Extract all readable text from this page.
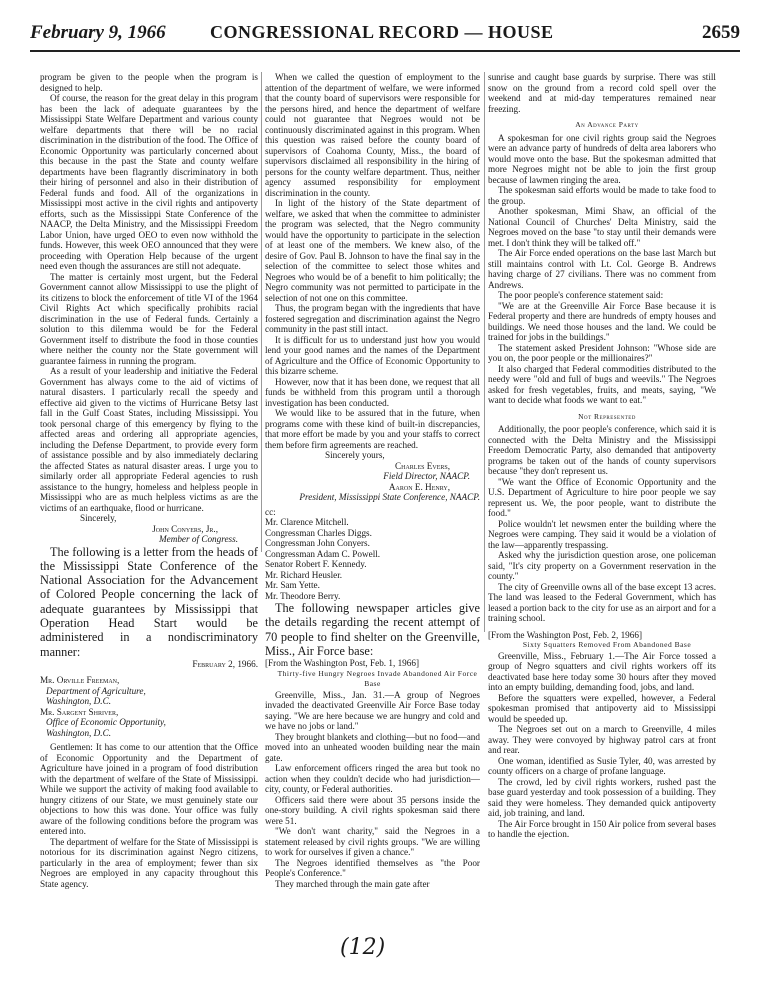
February 9, 1966 CONGRESSIONAL RECORD — HOUSE	2659

program be given to the people when the program is designed to help.

Of course, the reason for the great delay in this program has been the lack of adequate guarantees by the Mississippi State Welfare Department and various county welfare departments that there will be no racial discrimination in the distribution of the food. The Office of Economic Opportunity was particularly concerned about this because in the past the State and county welfare departments have been flagrantly discriminatory in both their hiring of personnel and also in their distribution of Federal funds and food. All of the organizations in Mississippi most active in the civil rights and antipoverty efforts, such as the Mississippi State Conference of the NAACP, the Delta Ministry, and the Mississippi Freedom Labor Union, have urged OEO to even now withhold the funds. However, this week OEO announced that they were proceeding with Operation Help because of the urgent need even though the assurances are still not adequate.

The matter is certainly most urgent, but the Federal Government cannot allow Mississippi to use the plight of its citizens to block the enforcement of title VI of the 1964 Civil Rights Act which specifically prohibits racial discrimination in the use of Federal funds. Certainly a solution to this dilemma would be for the Federal Government itself to distribute the food in those counties where neither the county nor the State government will guarantee fairness in running the program.

As a result of your leadership and initiative the Federal Government has always come to the aid of victims of natural disasters. I particularly recall the speedy and effective aid given to the victims of Hurricane Betsy last fall in the Gulf Coast States, including Mississippi. You took personal charge of this emergency by flying to the affected areas and ordering all appropriate agencies, including the Defense Department, to provide every form of assistance possible and by also immediately declaring the affected States as natural disaster areas. I urge you to similarly order all appropriate Federal agencies to rush assistance to the hungry, homeless and helpless people in Mississippi who are as much helpless victims as are the victims of an earthquake, flood or hurricane.

Sincerely,

John Conyers, Jr.,

Member of Congress.

The following is a letter from the heads of the Mississippi State Conference of the National Association for the Advancement of Colored People concerning the lack of adequate guarantees by Mississippi that Operation Head Start would be administered in a nondiscriminatory manner:

February 2, 1966.

Mr. Orville Freeman,

Department of Agriculture,

Washington, D.C.

Mr. Sargent Shriver,

Office of Economic Opportunity,

Washington, D.C.

Gentlemen: It has come to our attention that the Office of Economic Opportunity and the Department of Agriculture have joined in a program of food distribution with the department of welfare of the State of Mississippi. While we support the activity of making food available to hungry citizens of our State, we must genuinely state our objections to how this was done. Your office was fully aware of the following conditions before the program was entered into.

The department of welfare for the State of Mississippi is notorious for its discrimination against Negro citizens, particularly in the area of employment; fewer than six Negroes are employed in any capacity throughout this State agency.

When we called the question of employment to the attention of the department of welfare, we were informed that the county board of supervisors were responsible for the persons hired, and hence the department of welfare could not guarantee that Negroes would not be continuously discriminated against in this program. When this question was raised before the county board of supervisors of Coahoma County, Miss., the board of supervisors disclaimed all responsibility in the hiring of persons for the county welfare department. Thus, neither agency assumed responsibility for employment discrimination in the county.

In light of the history of the State department of welfare, we asked that when the committee to administer the program was selected, that the Negro community would have the opportunity to participate in the selection of at least one of the members. We knew also, of the desire of Gov. Paul B. Johnson to have the final say in the selection of the committee to select those whites and Negroes who would be of a benefit to him politically; the Negro community was not permitted to participate in the selection of not one on this committee.

Thus, the program began with the ingredients that have fostered segregation and discrimination against the Negro community in the past still intact.

It is difficult for us to understand just how you would lend your good names and the names of the Department of Agriculture and the Office of Economic Opportunity to this bizarre scheme.

However, now that it has been done, we request that all funds be withheld from this program until a thorough investigation has been conducted.

We would like to be assured that in the future, when programs come with these kind of built-in discrepancies, that more effort be made by you and your staffs to correct them before firm agreements are reached.

Sincerely yours,

Charles Evers,

Field Director, NAACP.

Aaron E. Henry,

President, Mississippi State Conference, NAACP.

cc:

Mr. Clarence Mitchell.

Congressman Charles Diggs.

Congressman John Conyers.

Congressman Adam C. Powell.

Senator Robert F. Kennedy.

Mr. Richard Heusler.

Mr. Sam Yette.

Mr. Theodore Berry.

The following newspaper articles give the details regarding the recent attempt of 70 people to find shelter on the Greenville, Miss., Air Force base:

[From the Washington Post, Feb. 1, 1966]

Thirty-five Hungry Negroes Invade Abandoned Air Force Base

Greenville, Miss., Jan. 31.—A group of Negroes invaded the deactivated Greenville Air Force Base today saying. "We are here because we are hungry and cold and we have no jobs or land."

They brought blankets and clothing—but no food—and moved into an unheated wooden building near the main gate.

Law enforcement officers ringed the area but took no action when they couldn't decide who had jurisdiction—city, county, or Federal authorities.

Officers said there were about 35 persons inside the one-story building. A civil rights spokesman said there were 51.

"We don't want charity," said the Negroes in a statement released by civil rights groups. "We are willing to work for ourselves if given a chance."

The Negroes identified themselves as "the Poor People's Conference."

They marched through the main gate after

sunrise and caught base guards by surprise. There was still snow on the ground from a record cold spell over the weekend and at mid-day temperatures remained near freezing.

An Advance Party

A spokesman for one civil rights group said the Negroes were an advance party of hundreds of delta area laborers who would move onto the base. But the spokesman admitted that more Negroes might not be able to join the first group because of lawmen ringing the area.

The spokesman said efforts would be made to take food to the group.

Another spokesman, Mimi Shaw, an official of the National Council of Churches' Delta Ministry, said the Negroes moved on the base "to stay until their demands were met. I don't think they will be talked off."

The Air Force ended operations on the base last March but still maintains control with Lt. Col. George B. Andrews having charge of 27 civilians. There was no comment from Andrews.

The poor people's conference statement said:

"We are at the Greenville Air Force Base because it is Federal property and there are hundreds of empty houses and buildings. We need those houses and the land. We could be trained for jobs in the buildings."

The statement asked President Johnson: "Whose side are you on, the poor people or the millionaires?"

It also charged that Federal commodities distributed to the needy were "old and full of bugs and weevils." The Negroes asked for fresh vegetables, fruits, and meats, saying, "We want to decide what foods we want to eat."

Not Represented

Additionally, the poor people's conference, which said it is connected with the Delta Ministry and the Mississippi Freedom Democratic Party, also demanded that antipoverty programs be taken out of the hands of county supervisors because "they don't represent us.

"We want the Office of Economic Opportunity and the U.S. Department of Agriculture to hire poor people we say represent us. We, the poor people, want to distribute the food."

Police wouldn't let newsmen enter the building where the Negroes were camping. They said it would be a violation of the law—apparently trespassing.

Asked why the jurisdiction question arose, one policeman said, "It's city property on a Government reservation in the county."

The city of Greenville owns all of the base except 13 acres. The land was leased to the Federal Government, which has leased a portion back to the city for use as an airport and for a training school.

[From the Washington Post, Feb. 2, 1966]

Sixty Squatters Removed From Abandoned Base

Greenville, Miss., February 1.—The Air Force tossed a group of Negro squatters and civil rights workers off its deactivated base here today some 30 hours after they moved into an empty building, demanding food, jobs, and land.

Before the squatters were expelled, however, a Federal spokesman promised that antipoverty aid to Mississippi would be speeded up.

The Negroes set out on a march to Greenville, 4 miles away. They were convoyed by highway patrol cars at front and rear.

One woman, identified as Susie Tyler, 40, was arrested by county officers on a charge of profane language.

The crowd, led by civil rights workers, rushed past the base guard yesterday and took possession of a building. They said they were homeless. They demanded quick antipoverty aid, job training, and land.

The Air Force brought in 150 Air police from several bases to handle the ejection.

(12)
